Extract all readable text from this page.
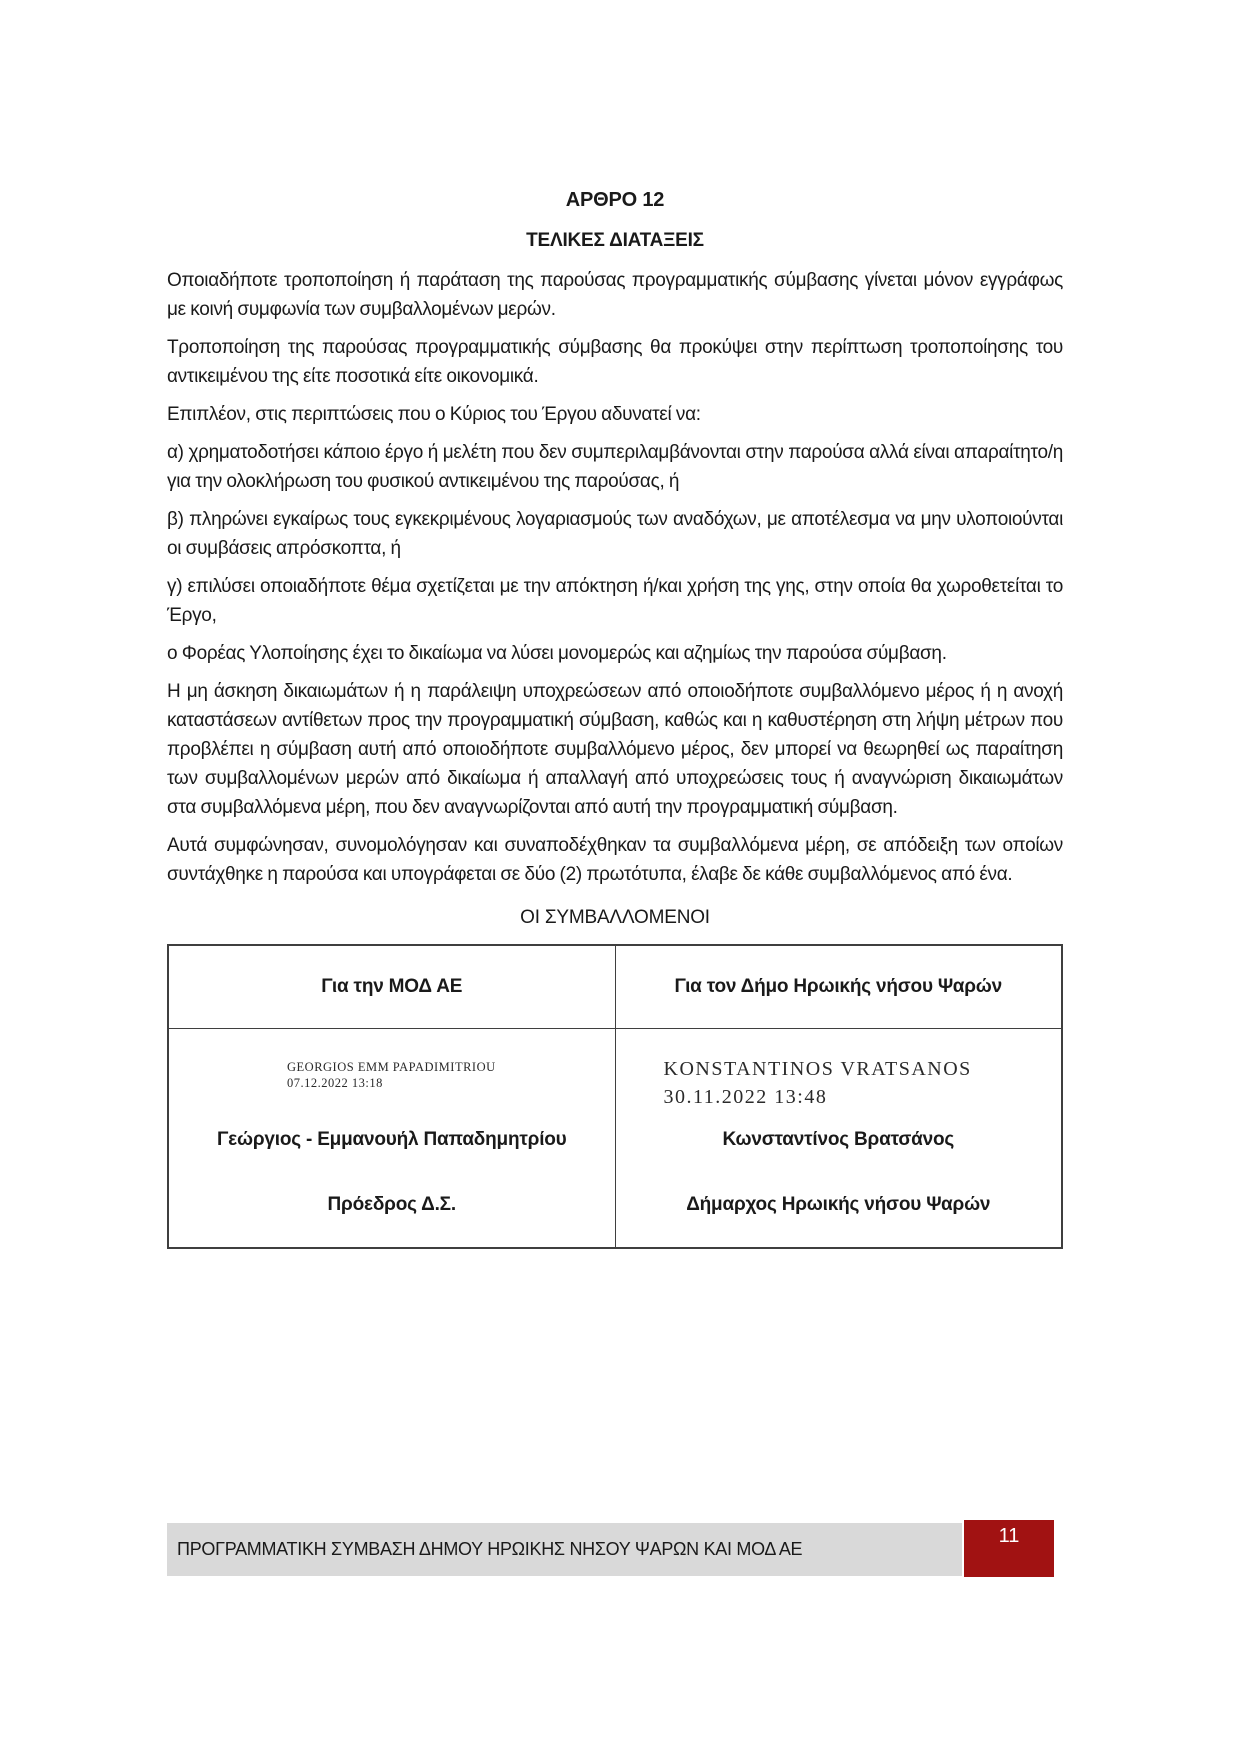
ΑΡΘΡΟ 12
ΤΕΛΙΚΕΣ ΔΙΑΤΑΞΕΙΣ

Οποιαδήποτε τροποποίηση ή παράταση της παρούσας προγραμματικής σύμβασης γίνεται μόνον εγγράφως με κοινή συμφωνία των συμβαλλομένων μερών.

Τροποποίηση της παρούσας προγραμματικής σύμβασης θα προκύψει στην περίπτωση τροποποίησης του αντικειμένου της είτε ποσοτικά είτε οικονομικά.

Επιπλέον, στις περιπτώσεις που ο Κύριος του Έργου αδυνατεί να:

α) χρηματοδοτήσει κάποιο έργο ή μελέτη που δεν συμπεριλαμβάνονται στην παρούσα αλλά είναι απαραίτητο/η για την ολοκλήρωση του φυσικού αντικειμένου της παρούσας, ή

β) πληρώνει εγκαίρως τους εγκεκριμένους λογαριασμούς των αναδόχων, με αποτέλεσμα να μην υλοποιούνται οι συμβάσεις απρόσκοπτα, ή

γ) επιλύσει οποιαδήποτε θέμα σχετίζεται με την απόκτηση ή/και χρήση της γης, στην οποία θα χωροθετείται το Έργο,

ο Φορέας Υλοποίησης έχει το δικαίωμα να λύσει μονομερώς και αζημίως την παρούσα σύμβαση.

Η μη άσκηση δικαιωμάτων ή η παράλειψη υποχρεώσεων από οποιοδήποτε συμβαλλόμενο μέρος ή η ανοχή καταστάσεων αντίθετων προς την προγραμματική σύμβαση, καθώς και η καθυστέρηση στη λήψη μέτρων που προβλέπει η σύμβαση αυτή από οποιοδήποτε συμβαλλόμενο μέρος, δεν μπορεί να θεωρηθεί ως παραίτηση των συμβαλλομένων μερών από δικαίωμα ή απαλλαγή από υποχρεώσεις τους ή αναγνώριση δικαιωμάτων στα συμβαλλόμενα μέρη, που δεν αναγνωρίζονται από αυτή την προγραμματική σύμβαση.

Αυτά συμφώνησαν, συνομολόγησαν και συναποδέχθηκαν τα συμβαλλόμενα μέρη, σε απόδειξη των οποίων συντάχθηκε η παρούσα και υπογράφεται σε δύο (2) πρωτότυπα, έλαβε δε κάθε συμβαλλόμενος από ένα.

ΟΙ ΣΥΜΒΑΛΛΟΜΕΝΟΙ
Για την ΜΟΔ ΑΕ	Για τον Δήμο Ηρωικής νήσου Ψαρών

GEORGIOS EMM PAPADIMITRIOU
07.12.2022 13:18
Γεώργιος - Εμμανουήλ Παπαδημητρίου
Πρόεδρος Δ.Σ.

KONSTANTINOS VRATSANOS
30.11.2022 13:48
Κωνσταντίνος Βρατσάνος
Δήμαρχος Ηρωικής νήσου Ψαρών
ΠΡΟΓΡΑΜΜΑΤΙΚΗ ΣΥΜΒΑΣΗ ΔΗΜΟΥ ΗΡΩΙΚΗΣ ΝΗΣΟΥ ΨΑΡΩΝ ΚΑΙ ΜΟΔ ΑΕ
11
